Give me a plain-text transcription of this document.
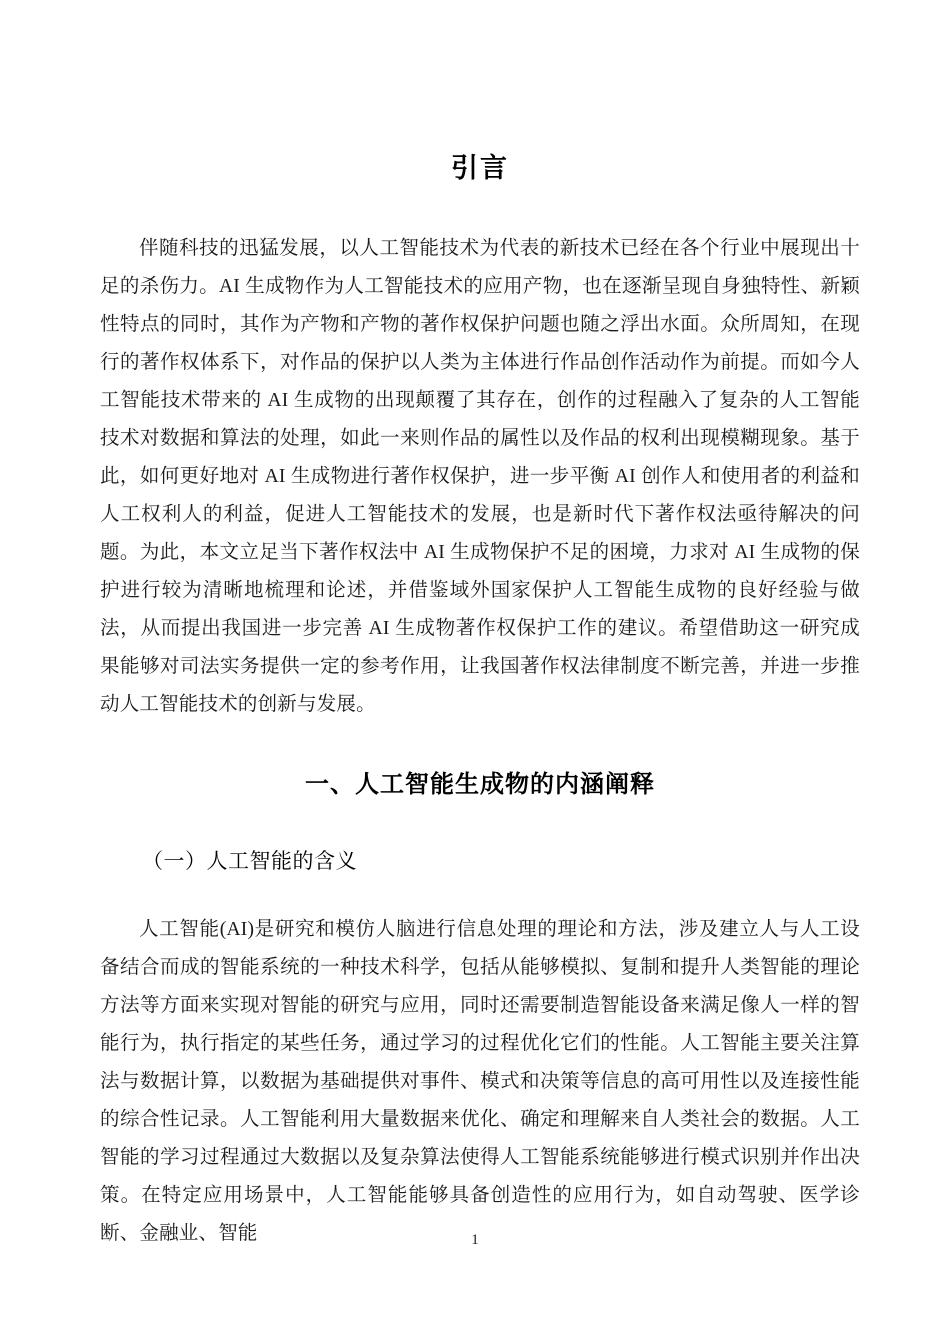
引言

伴随科技的迅猛发展，以人工智能技术为代表的新技术已经在各个行业中展现出十足的杀伤力。AI 生成物作为人工智能技术的应用产物，也在逐渐呈现自身独特性、新颖性特点的同时，其作为产物和产物的著作权保护问题也随之浮出水面。众所周知，在现行的著作权体系下，对作品的保护以人类为主体进行作品创作活动作为前提。而如今人工智能技术带来的 AI 生成物的出现颠覆了其存在，创作的过程融入了复杂的人工智能技术对数据和算法的处理，如此一来则作品的属性以及作品的权利出现模糊现象。基于此，如何更好地对 AI 生成物进行著作权保护，进一步平衡 AI 创作人和使用者的利益和人工权利人的利益，促进人工智能技术的发展，也是新时代下著作权法亟待解决的问题。为此，本文立足当下著作权法中 AI 生成物保护不足的困境，力求对 AI 生成物的保护进行较为清晰地梳理和论述，并借鉴域外国家保护人工智能生成物的良好经验与做法，从而提出我国进一步完善 AI 生成物著作权保护工作的建议。希望借助这一研究成果能够对司法实务提供一定的参考作用，让我国著作权法律制度不断完善，并进一步推动人工智能技术的创新与发展。

一、人工智能生成物的内涵阐释
（一）人工智能的含义

人工智能(AI)是研究和模仿人脑进行信息处理的理论和方法，涉及建立人与人工设备结合而成的智能系统的一种技术科学，包括从能够模拟、复制和提升人类智能的理论方法等方面来实现对智能的研究与应用，同时还需要制造智能设备来满足像人一样的智能行为，执行指定的某些任务，通过学习的过程优化它们的性能。人工智能主要关注算法与数据计算，以数据为基础提供对事件、模式和决策等信息的高可用性以及连接性能的综合性记录。人工智能利用大量数据来优化、确定和理解来自人类社会的数据。人工智能的学习过程通过大数据以及复杂算法使得人工智能系统能够进行模式识别并作出决策。在特定应用场景中，人工智能能够具备创造性的应用行为，如自动驾驶、医学诊断、金融业、智能	1
